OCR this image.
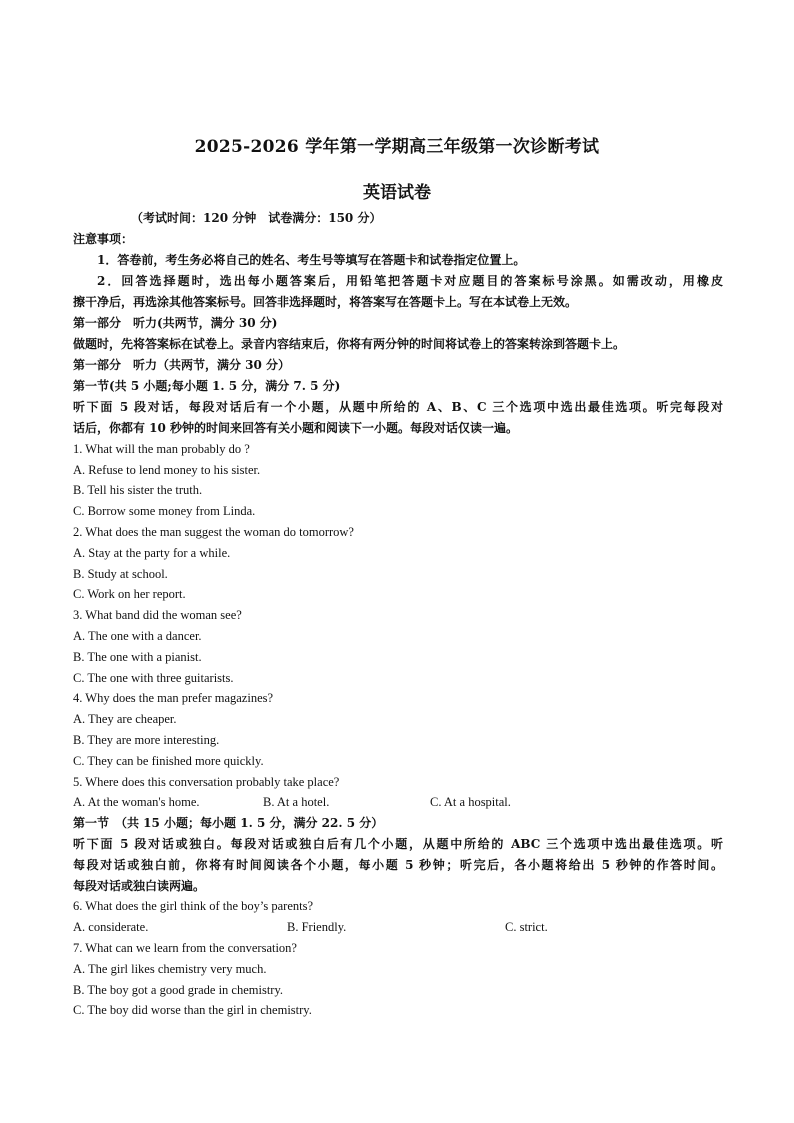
2025-2026 学年第一学期高三年级第一次诊断考试
英语试卷
（考试时间：120 分钟　试卷满分：150 分）
注意事项：
1．答卷前，考生务必将自己的姓名、考生号等填写在答题卡和试卷指定位置上。
2．回答选择题时，选出每小题答案后，用铅笔把答题卡对应题目的答案标号涂黑。如需改动，用橡皮
擦干净后，再选涂其他答案标号。回答非选择题时，将答案写在答题卡上。写在本试卷上无效。
第一部分　听力(共两节，满分 30 分)
做题时，先将答案标在试卷上。录音内容结束后，你将有两分钟的时间将试卷上的答案转涂到答题卡上。
第一部分　听力（共两节，满分 30 分）
第一节(共 5 小题;每小题 1. 5 分，满分 7. 5 分)
听下面 5 段对话，每段对话后有一个小题，从题中所给的 A、B、C 三个选项中选出最佳选项。听完每段对
话后，你都有 10 秒钟的时间来回答有关小题和阅读下一小题。每段对话仅读一遍。
1. What will the man probably do ?
A. Refuse to lend money to his sister.
B. Tell his sister the truth.
C. Borrow some money from Linda.
2. What does the man suggest the woman do tomorrow?
A. Stay at the party for a while.
B. Study at school.
C. Work on her report.
3. What band did the woman see?
A. The one with a dancer.
B. The one with a pianist.
C. The one with three guitarists.
4. Why does the man prefer magazines?
A. They are cheaper.
B. They are more interesting.
C. They can be finished more quickly.
5. Where does this conversation probably take place?
A. At the woman's home.	B. At a hotel.	C. At a hospital.
第一节　（共 15 小题；每小题 1. 5 分，满分 22. 5 分）
听下面 5 段对话或独白。每段对话或独白后有几个小题，从题中所给的 ABC 三个选项中选出最佳选项。听
每段对话或独白前，你将有时间阅读各个小题，每小题 5 秒钟；听完后，各小题将给出 5 秒钟的作答时间。
每段对话或独白读两遍。
6. What does the girl think of the boy’s parents?
A. considerate.	B. Friendly.	C. strict.
7. What can we learn from the conversation?
A. The girl likes chemistry very much.
B. The boy got a good grade in chemistry.
C. The boy did worse than the girl in chemistry.
